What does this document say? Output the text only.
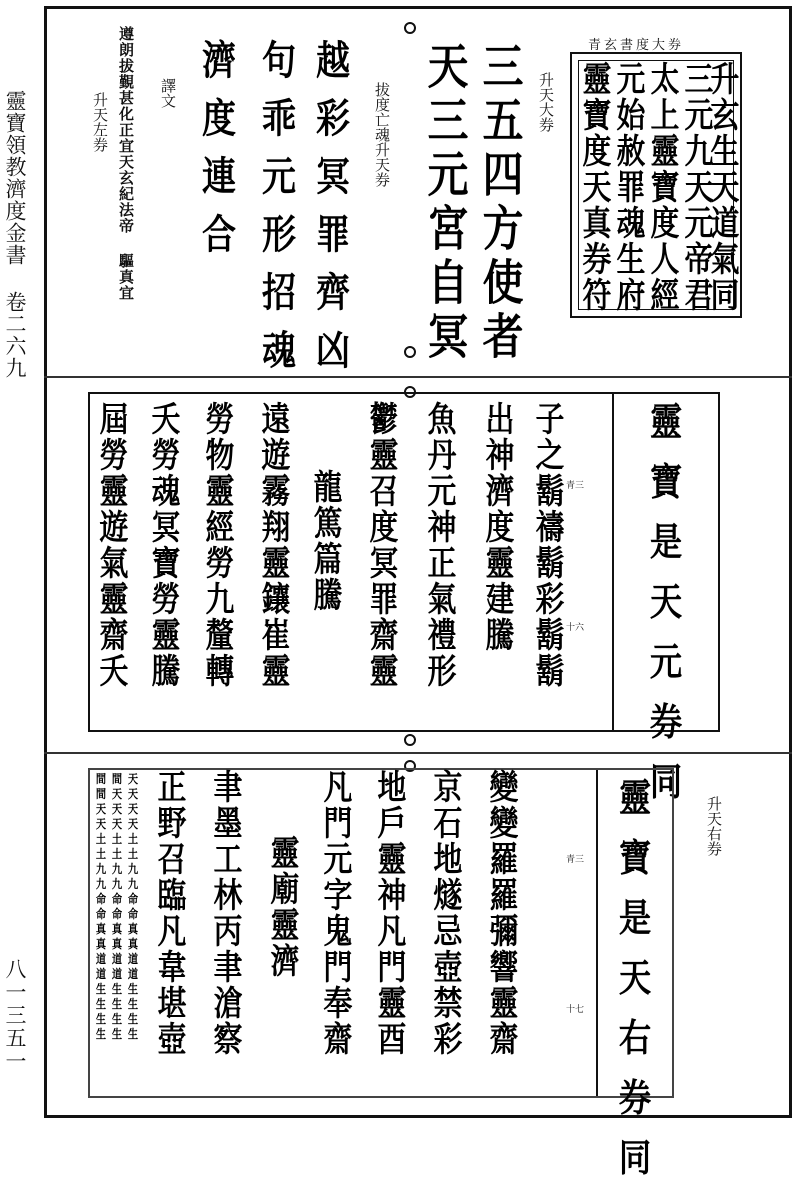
靈寶領教濟度金書 卷二六九
八一三五一
靈
寶
度
天
真
券
符
元
始
赦
罪
魂
生
府
太
上
靈
寶
度
人
經
三
元
九
天
元
帝
君
升
玄
生
天
道
氣
同
青玄書度大券
升天大券
三
五
四
方
使
者
天
三
元
宮
自
冥
拔度亡魂升天券
越
彩
冥
罪
齊
凶
句
乖
元
形
招
魂
濟
度
連
合
譯文
遵朗拔覲甚化正宜天玄紀法帝 驅真宜
升天左券
靈
寶
是
天
元
券
同
青三
十六
子
之
鬍
禱
鬍
彩
鬍
鬍
出
神
濟
度
靈
建
騰

魚
丹
元
神
正
氣
禮
形
鬱
靈
召
度
冥
罪
齋
靈
龍
篤
篇
騰
遠
遊
霧
翔
靈
鑲
崔
靈
勞
物
靈
經
勞
九
釐
轉
夭
勞
魂
冥
寶
勞
靈
騰
屆
勞
靈
遊
氣
靈
齋
夭
升天右券
靈
寶
是
天
右
券
同
青三
十七
變
變
羅
羅
彌
響
靈
齋
京
石
地
燧
忌
壺
禁
彩
地
戶
靈
神
凡
門
靈
酉
凡
門
元
字
鬼
門
奉
齋
靈
廟
靈
濟
聿
墨
工
林
丙
聿
滄
察
正
野
召
臨
凡
韋
堪
壺
間
間
天
天
土
土
九
九
命
命
真
真
道
道
生
生
生
生
間
天
天
天
土
土
九
九
命
命
真
真
道
道
生
生
生
生
天
天
天
天
土
土
九
九
命
命
真
真
道
道
生
生
生
生
